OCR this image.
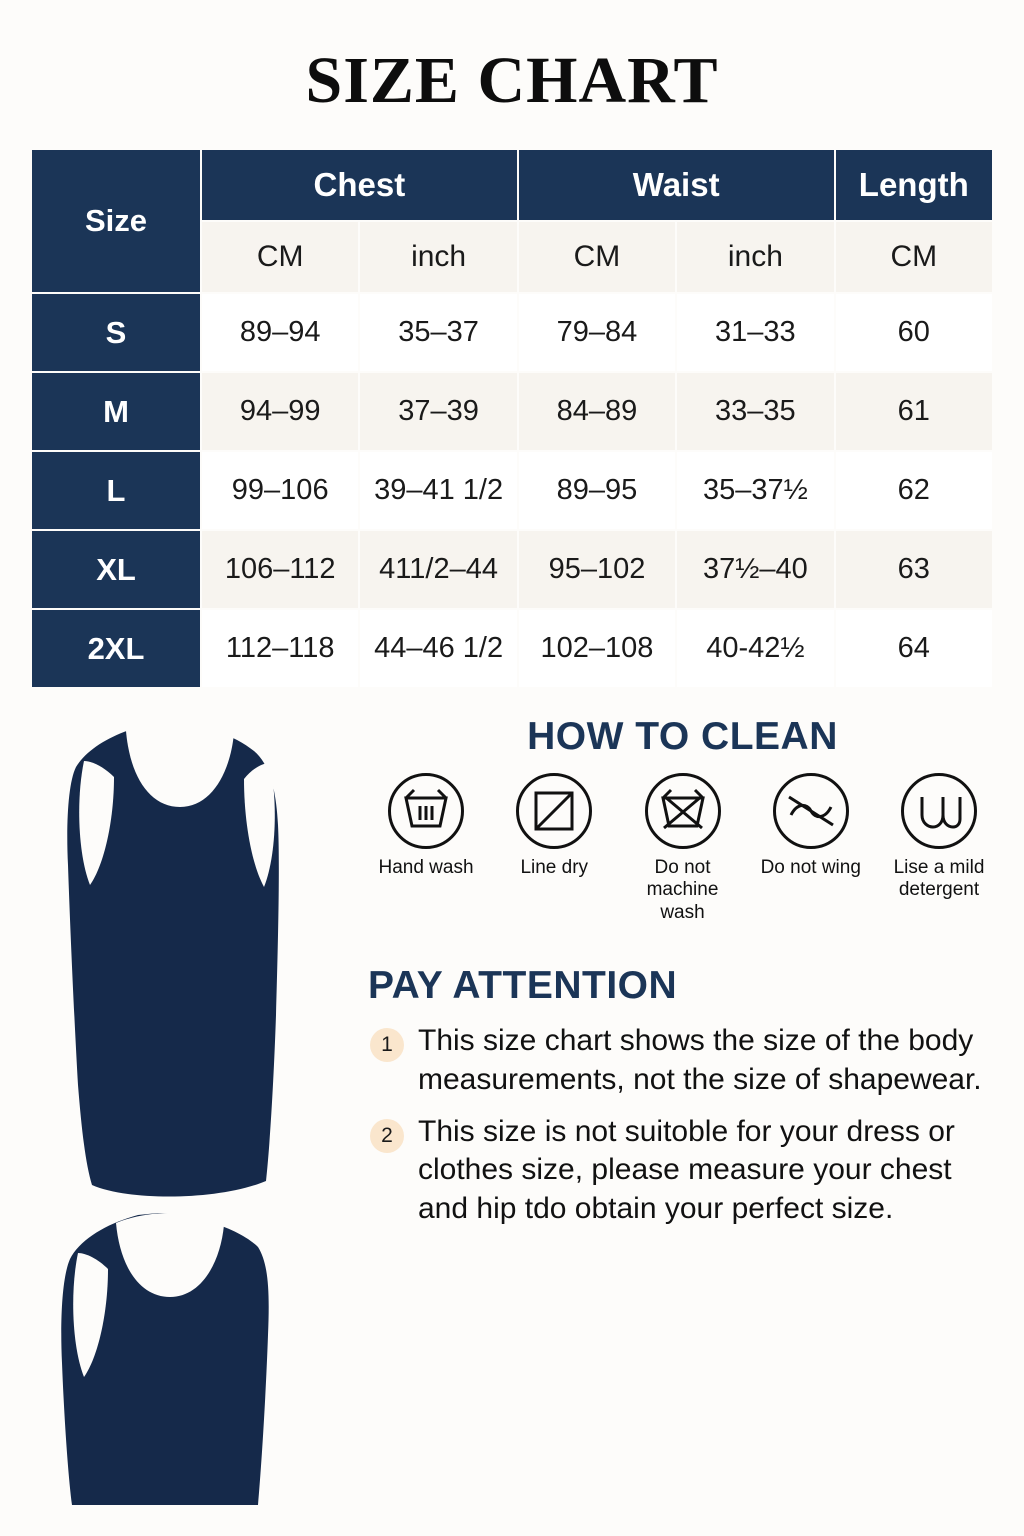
SIZE CHART
Size	Chest		Waist		Length
	CM	inch	CM	inch	CM
S	89–94	35–37	79–84	31–33	60
M	94–99	37–39	84–89	33–35	61
L	99–106	39–41 1/2	89–95	35–37½	62
XL	106–112	411/2–44	95–102	37½–40	63
2XL	112–118	44–46 1/2	102–108	40-42½	64
HOW TO CLEAN
Hand wash	Line dry	Do not machine wash
Do not wing	Lise a mild detergent
PAY ATTENTION
1 This size chart shows the size of the body measurements, not the size of shapewear.
2 This size is not suitoble for your dress or clothes size, please measure your chest and hip tdo obtain your perfect size.
